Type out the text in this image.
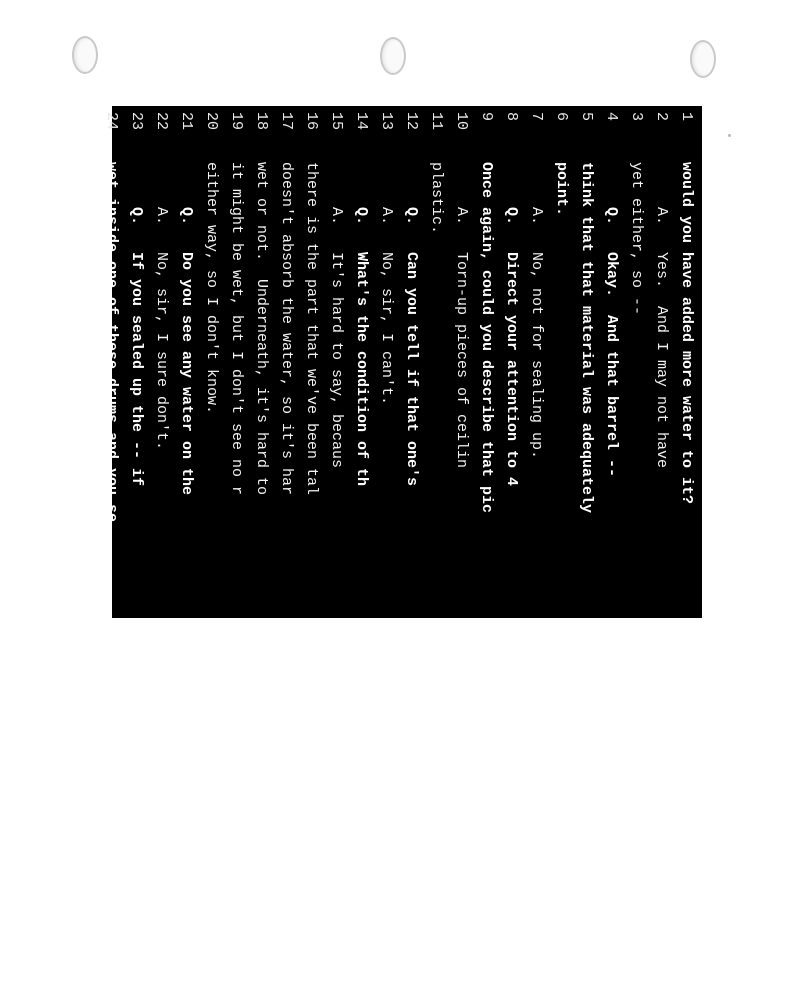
1would you have added more water to it?
2     A.   Yes.  And I may not have
3yet either, so --
4     Q.   Okay.  And that barrel --
5think that that material was adequately
6point.
7     A.   No, not for sealing up.
8     Q.   Direct your attention to 4
9Once again, could you describe that pic
10     A.   Torn-up pieces of ceilin
11plastic.
12     Q.   Can you tell if that one's
13     A.   No, sir, I can't.
14     Q.   What's the condition of th
15     A.   It's hard to say, becaus
16there is the part that we've been tal
17doesn't absorb the water, so it's har
18wet or not.  Underneath, it's hard to
19it might be wet, but I don't see no r
20either way, so I don't know.
21     Q.   Do you see any water on the
22     A.   No, sir, I sure don't.
23     Q.   If you sealed up the -- if
24wet inside one of these drums and you se
